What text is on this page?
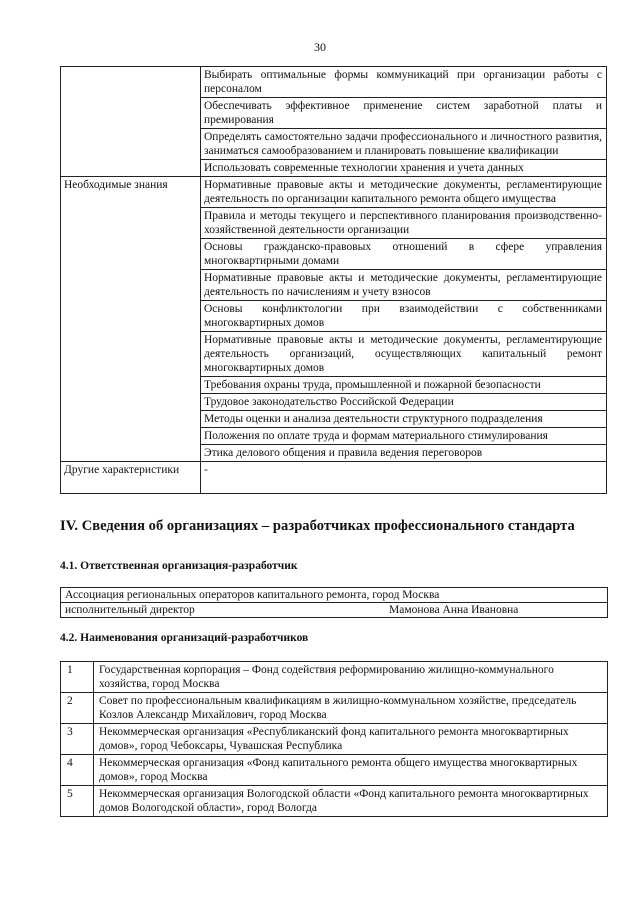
30
	Выбирать оптимальные формы коммуникаций при организации работы с персоналом
	Обеспечивать эффективное применение систем заработной платы и премирования
	Определять самостоятельно задачи профессионального и личностного развития, заниматься самообразованием и планировать повышение квалификации
	Использовать современные технологии хранения и учета данных
Необходимые знания	Нормативные правовые акты и методические документы, регламентирующие деятельность по организации капитального ремонта общего имущества
	Правила и методы текущего и перспективного планирования производственно-хозяйственной деятельности организации
	Основы гражданско-правовых отношений в сфере управления многоквартирными домами
	Нормативные правовые акты и методические документы, регламентирующие деятельность по начислениям и учету взносов
	Основы конфликтологии при взаимодействии с собственниками многоквартирных домов
	Нормативные правовые акты и методические документы, регламентирующие деятельность организаций, осуществляющих капитальный ремонт многоквартирных домов
	Требования охраны труда, промышленной и пожарной безопасности
	Трудовое законодательство Российской Федерации
	Методы оценки и анализа деятельности структурного подразделения
	Положения по оплате труда и формам материального стимулирования
	Этика делового общения и правила ведения переговоров
Другие характеристики	-
IV. Сведения об организациях – разработчиках профессионального стандарта
4.1. Ответственная организация-разработчик
Ассоциация региональных операторов капитального ремонта, город Москва
исполнительный директор	Мамонова Анна Ивановна
4.2. Наименования организаций-разработчиков
1	Государственная корпорация – Фонд содействия реформированию жилищно-коммунального хозяйства, город Москва
2	Совет по профессиональным квалификациям в жилищно-коммунальном хозяйстве, председатель Козлов Александр Михайлович, город Москва
3	Некоммерческая организация «Республиканский фонд капитального ремонта многоквартирных домов», город Чебоксары, Чувашская Республика
4	Некоммерческая организация «Фонд капитального ремонта общего имущества многоквартирных домов», город Москва
5	Некоммерческая организация Вологодской области «Фонд капитального ремонта многоквартирных домов Вологодской области», город Вологда
